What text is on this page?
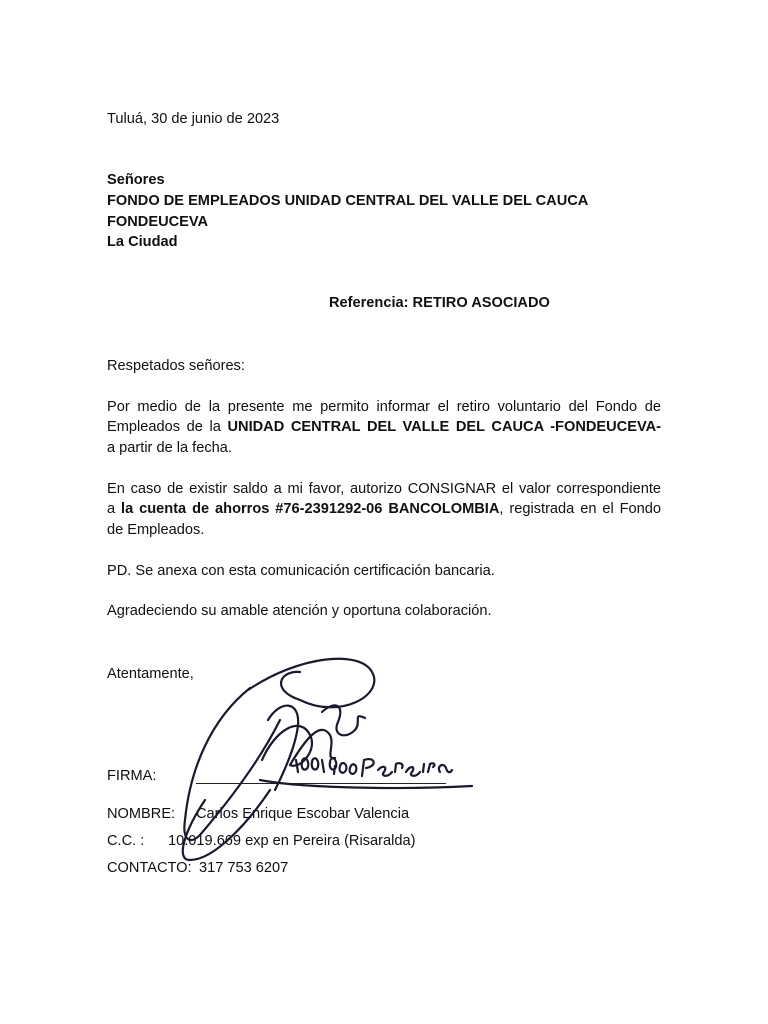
Tuluá, 30 de junio de 2023
Señores
FONDO DE EMPLEADOS UNIDAD CENTRAL DEL VALLE DEL CAUCA
FONDEUCEVA
La Ciudad
Referencia: RETIRO ASOCIADO
Respetados señores:
Por medio de la presente me permito informar el retiro voluntario del Fondo de
Empleados de la UNIDAD CENTRAL DEL VALLE DEL CAUCA -FONDEUCEVA-
a partir de la fecha.
En caso de existir saldo a mi favor, autorizo CONSIGNAR el valor correspondiente
a la cuenta de ahorros #76-2391292-06 BANCOLOMBIA, registrada en el Fondo
de Empleados.
PD. Se anexa con esta comunicación certificación bancaria.
Agradeciendo su amable atención y oportuna colaboración.
Atentamente,
FIRMA:
NOMBRE: Carlos Enrique Escobar Valencia
C.C. : 10.019.669 exp en Pereira (Risaralda)
CONTACTO: 317 753 6207
